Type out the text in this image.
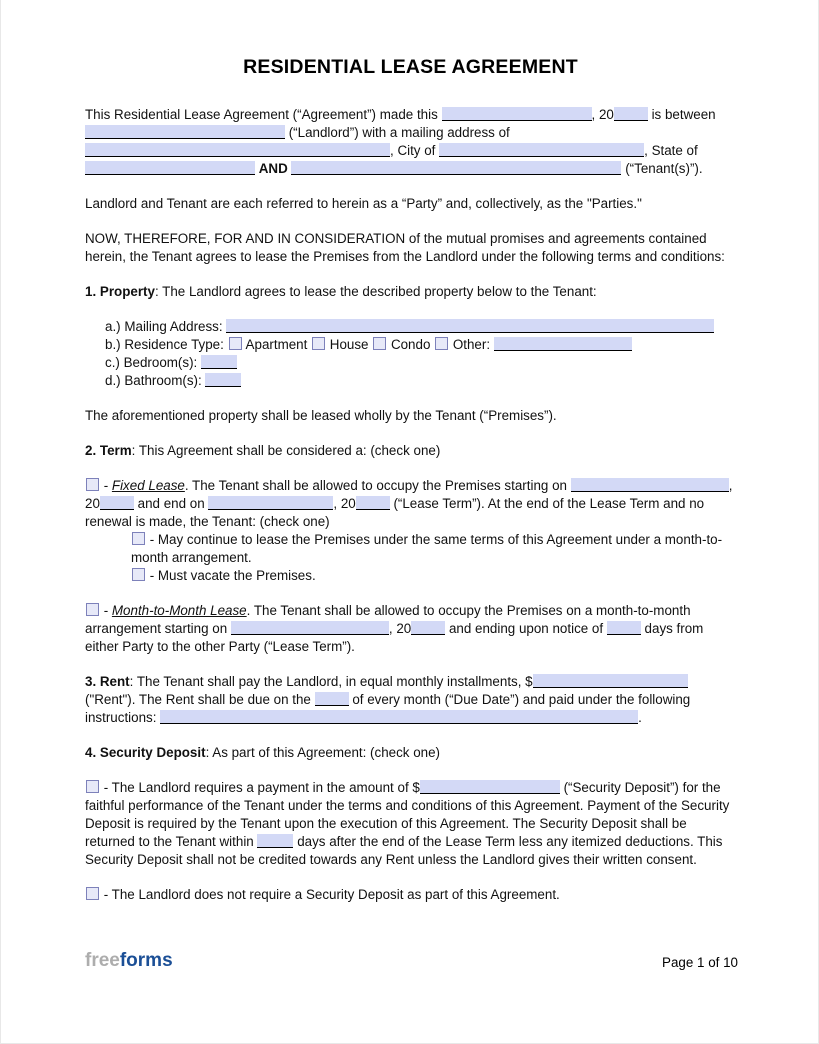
RESIDENTIAL LEASE AGREEMENT
This Residential Lease Agreement (“Agreement”) made this	, 20	is between  (“Landlord”) with a mailing address of , City of	, State of  AND	(“Tenant(s)”).
Landlord and Tenant are each referred to herein as a “Party” and, collectively, as the "Parties."
NOW, THEREFORE, FOR AND IN CONSIDERATION of the mutual promises and agreements contained herein, the Tenant agrees to lease the Premises from the Landlord under the following terms and conditions:
1. Property: The Landlord agrees to lease the described property below to the Tenant:
a.) Mailing Address:
b.) Residence Type:  Apartment  House  Condo  Other:
c.) Bedroom(s):
d.) Bathroom(s):
The aforementioned property shall be leased wholly by the Tenant (“Premises”).
2. Term: This Agreement shall be considered a: (check one)
- Fixed Lease. The Tenant shall be allowed to occupy the Premises starting on	, 20	and end on	, 20	(“Lease Term”). At the end of the Lease Term and no renewal is made, the Tenant: (check one)
- May continue to lease the Premises under the same terms of this Agreement under a month-to-month arrangement.
- Must vacate the Premises.
- Month-to-Month Lease. The Tenant shall be allowed to occupy the Premises on a month-to-month arrangement starting on	, 20	and ending upon notice of	days from either Party to the other Party (“Lease Term”).
3. Rent: The Tenant shall pay the Landlord, in equal monthly installments, $ ("Rent"). The Rent shall be due on the	of every month (“Due Date”) and paid under the following instructions:	.
4. Security Deposit: As part of this Agreement: (check one)
- The Landlord requires a payment in the amount of $	(“Security Deposit”) for the faithful performance of the Tenant under the terms and conditions of this Agreement. Payment of the Security Deposit is required by the Tenant upon the execution of this Agreement. The Security Deposit shall be returned to the Tenant within	days after the end of the Lease Term less any itemized deductions. This Security Deposit shall not be credited towards any Rent unless the Landlord gives their written consent.
- The Landlord does not require a Security Deposit as part of this Agreement.
freeforms	Page 1 of 10
